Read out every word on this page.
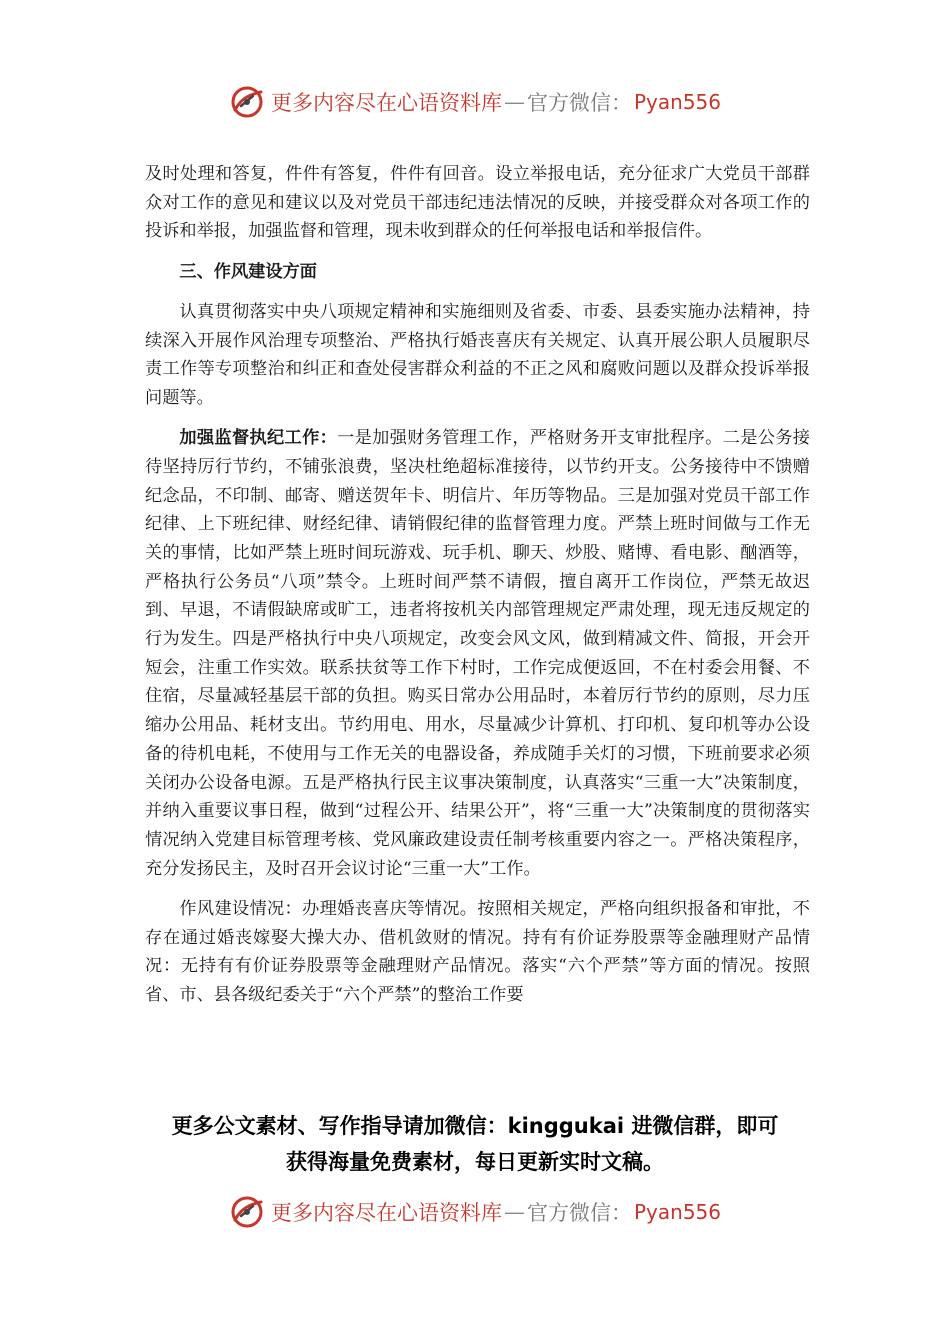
更多内容尽在心语资料库 — 官方微信： Pyan556

及时处理和答复，件件有答复，件件有回音。设立举报电话，充分征求广大党员干部群众对工作的意见和建议以及对党员干部违纪违法情况的反映，并接受群众对各项工作的投诉和举报，加强监督和管理，现未收到群众的任何举报电话和举报信件。

三、作风建设方面

认真贯彻落实中央八项规定精神和实施细则及省委、市委、县委实施办法精神，持续深入开展作风治理专项整治、严格执行婚丧喜庆有关规定、认真开展公职人员履职尽责工作等专项整治和纠正和查处侵害群众利益的不正之风和腐败问题以及群众投诉举报问题等。

加强监督执纪工作：一是加强财务管理工作，严格财务开支审批程序。二是公务接待坚持厉行节约，不铺张浪费，坚决杜绝超标准接待，以节约开支。公务接待中不馈赠纪念品，不印制、邮寄、赠送贺年卡、明信片、年历等物品。三是加强对党员干部工作纪律、上下班纪律、财经纪律、请销假纪律的监督管理力度。严禁上班时间做与工作无关的事情，比如严禁上班时间玩游戏、玩手机、聊天、炒股、赌博、看电影、酗酒等，严格执行公务员“八项”禁令。上班时间严禁不请假，擅自离开工作岗位，严禁无故迟到、早退，不请假缺席或旷工，违者将按机关内部管理规定严肃处理，现无违反规定的行为发生。四是严格执行中央八项规定，改变会风文风，做到精减文件、简报，开会开短会，注重工作实效。联系扶贫等工作下村时，工作完成便返回，不在村委会用餐、不住宿，尽量减轻基层干部的负担。购买日常办公用品时，本着厉行节约的原则，尽力压缩办公用品、耗材支出。节约用电、用水，尽量减少计算机、打印机、复印机等办公设备的待机电耗，不使用与工作无关的电器设备，养成随手关灯的习惯，下班前要求必须关闭办公设备电源。五是严格执行民主议事决策制度，认真落实“三重一大”决策制度，并纳入重要议事日程，做到“过程公开、结果公开”，将“三重一大”决策制度的贯彻落实情况纳入党建目标管理考核、党风廉政建设责任制考核重要内容之一。严格决策程序，充分发扬民主，及时召开会议讨论“三重一大”工作。

作风建设情况：办理婚丧喜庆等情况。按照相关规定，严格向组织报备和审批，不存在通过婚丧嫁娶大操大办、借机敛财的情况。持有有价证券股票等金融理财产品情况：无持有有价证券股票等金融理财产品情况。落实“六个严禁”等方面的情况。按照省、市、县各级纪委关于“六个严禁”的整治工作要

更多公文素材、写作指导请加微信：kinggukai 进微信群，即可
获得海量免费素材，每日更新实时文稿。
更多内容尽在心语资料库 — 官方微信： Pyan556
